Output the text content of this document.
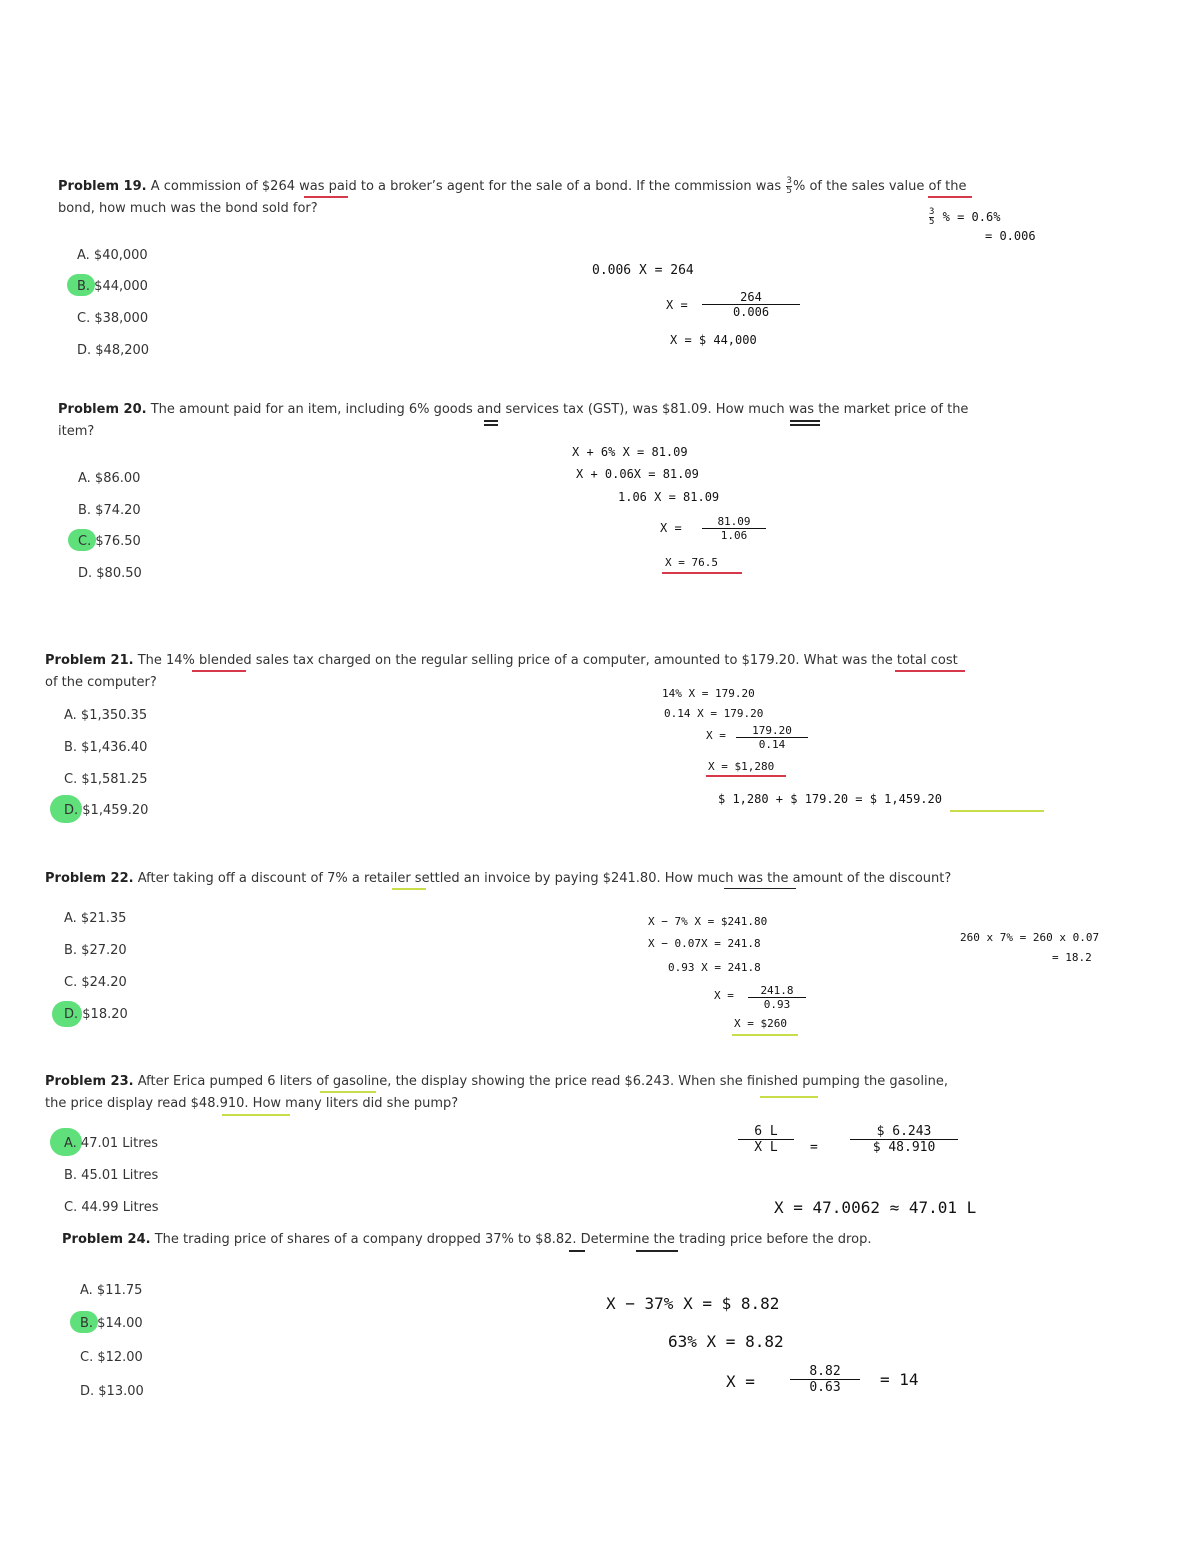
Problem 19. A commission of $264 was paid to a broker’s agent for the sale of a bond. If the commission was $\frac{3}{5}$ % of the sales value of the
bond, how much was the bond sold for?
A. $40,000
B. $44,000
C. $38,000
D. $48,200
$\frac{3}{5}$ % = 0.6%
= 0.006
0.006 X = 264
$X = \frac{264}{0.006}$
X = $ 44,000
Problem 20. The amount paid for an item, including 6% goods and services tax (GST), was $81.09. How much was the market price of the
item?
A. $86.00
B. $74.20
C. $76.50
D. $80.50
X + 6% X = 81.09
X + 0.06X = 81.09
1.06 X = 81.09
$X = \frac{81.09}{1.06}$
X = 76.5
Problem 21. The 14% blended sales tax charged on the regular selling price of a computer, amounted to $179.20. What was the total cost
of the computer?
A. $1,350.35
B. $1,436.40
C. $1,581.25
D. $1,459.20
14% X = 179.20
0.14 X = 179.20
$X = \frac{179.20}{0.14}$
X = $1,280
$ 1,280 + $ 179.20 = $ 1,459.20
Problem 22. After taking off a discount of 7% a retailer settled an invoice by paying $241.80. How much was the amount of the discount?
A. $21.35
B. $27.20
C. $24.20
D. $18.20
X − 7% X = $241.80
X − 0.07X = 241.8
0.93 X = 241.8
$X = \frac{241.8}{0.93}$
X = $260
260 x 7% = 260 x 0.07
= 18.2
Problem 23. After Erica pumped 6 liters of gasoline, the display showing the price read $6.243. When she finished pumping the gasoline,
the price display read $48.910. How many liters did she pump?
A. 47.01 Litres
B. 45.01 Litres
C. 44.99 Litres
$\frac{6 L}{\text{X L}} = \frac{\$ 6.243}{\$ 48.910}$
X = 47.0062 ≈ 47.01 L
Problem 24. The trading price of shares of a company dropped 37% to $8.82. Determine the trading price before the drop.
A. $11.75
B. $14.00
C. $12.00
D. $13.00
X − 37% X = $ 8.82
63% X = 8.82
X =	$\frac{8.82}{0.63} = 14$
